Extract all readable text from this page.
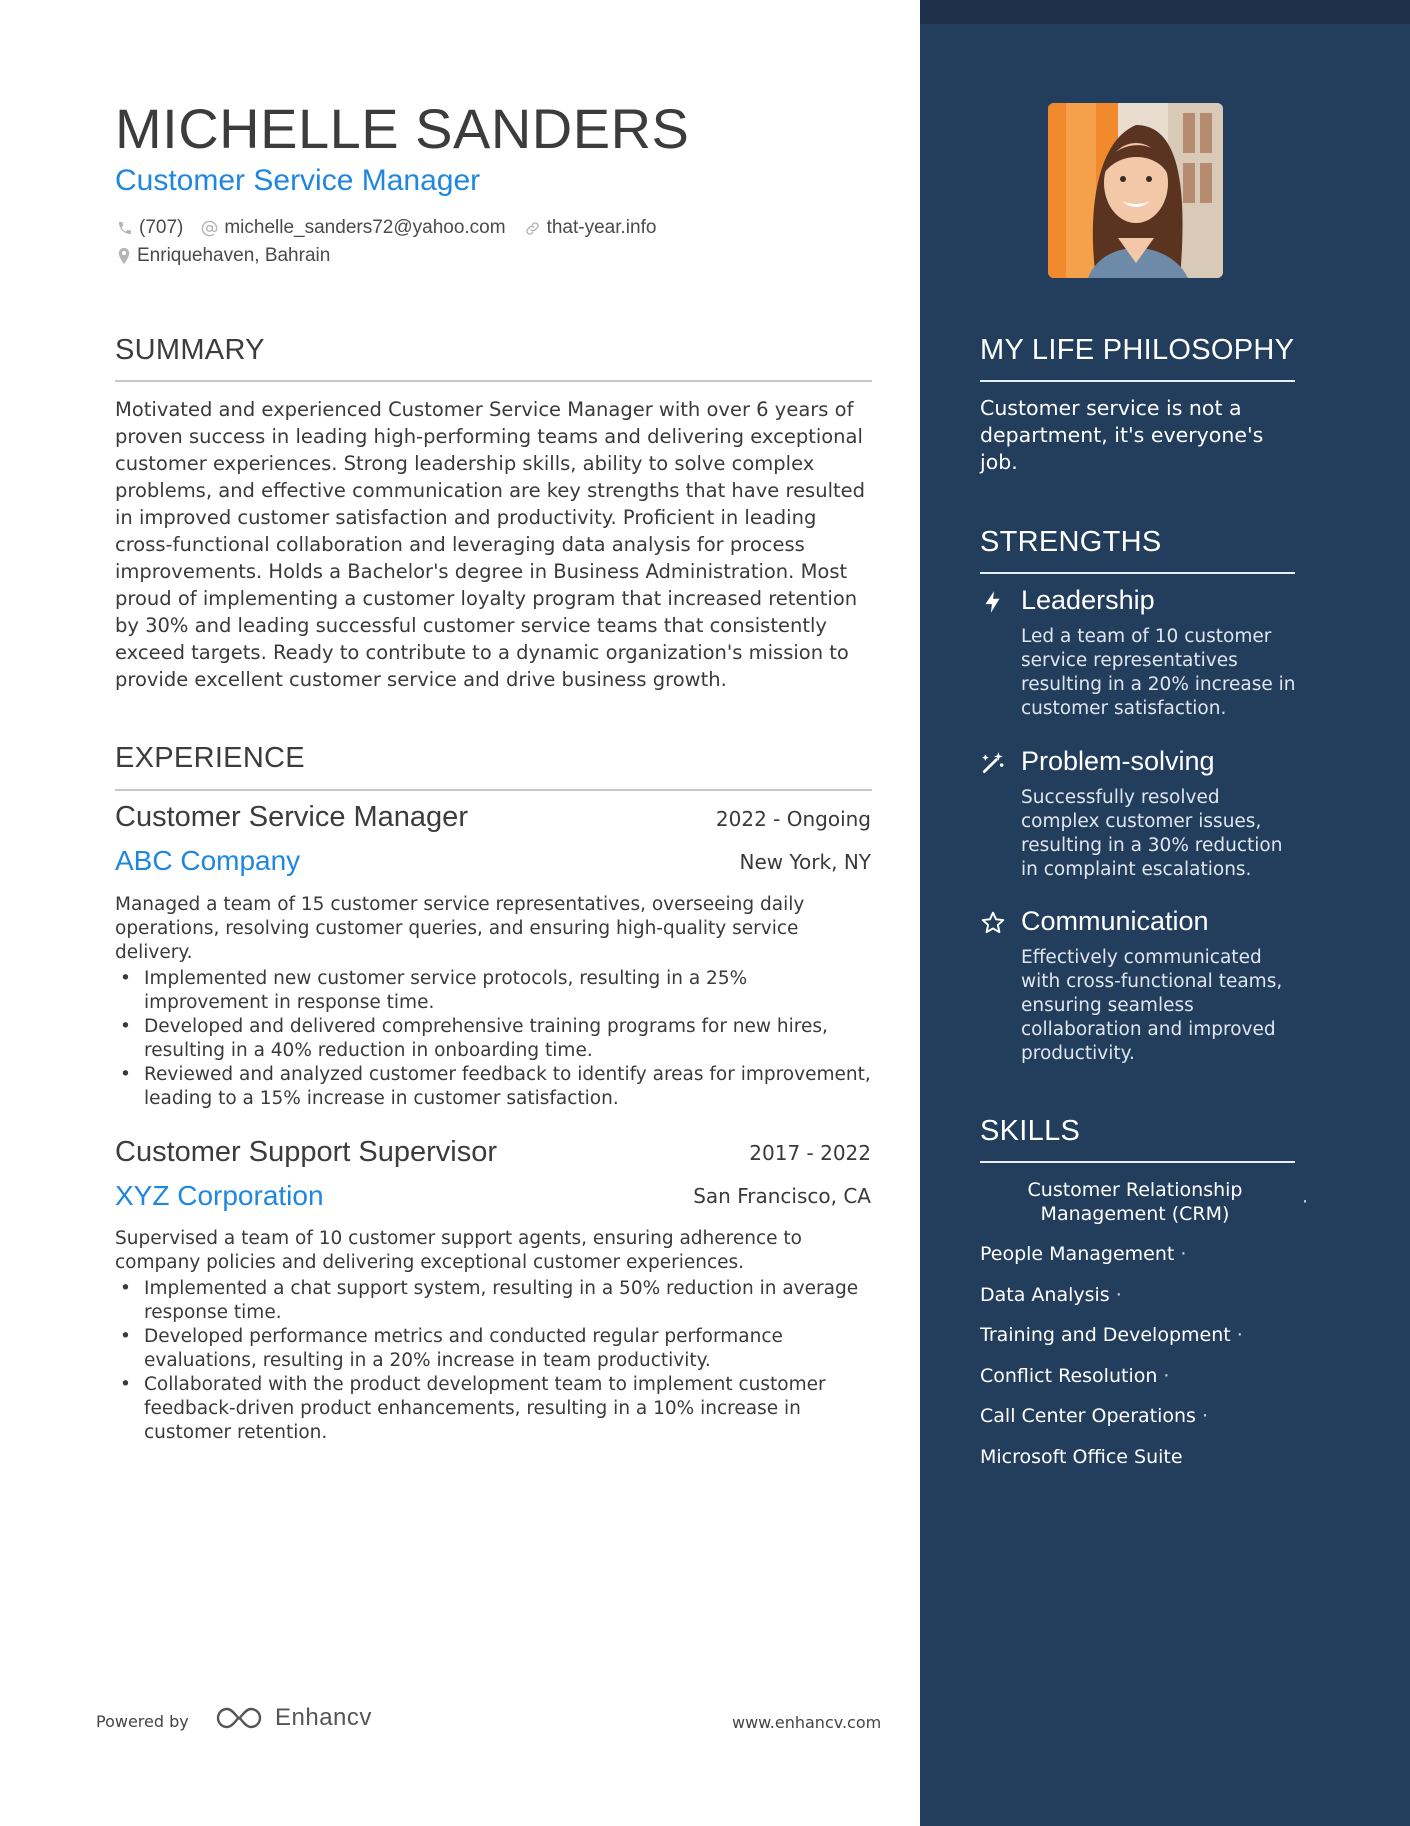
MICHELLE SANDERS
Customer Service Manager
(707) michelle_sanders72@yahoo.com that-year.info
Enriquehaven, Bahrain
SUMMARY
Motivated and experienced Customer Service Manager with over 6 years of proven success in leading high-performing teams and delivering exceptional customer experiences. Strong leadership skills, ability to solve complex problems, and effective communication are key strengths that have resulted in improved customer satisfaction and productivity. Proficient in leading cross-functional collaboration and leveraging data analysis for process improvements. Holds a Bachelor's degree in Business Administration. Most proud of implementing a customer loyalty program that increased retention by 30% and leading successful customer service teams that consistently exceed targets. Ready to contribute to a dynamic organization's mission to provide excellent customer service and drive business growth.
EXPERIENCE
Customer Service Manager	2022 - Ongoing
ABC Company	New York, NY
Managed a team of 15 customer service representatives, overseeing daily operations, resolving customer queries, and ensuring high-quality service delivery.
• Implemented new customer service protocols, resulting in a 25% improvement in response time.
• Developed and delivered comprehensive training programs for new hires, resulting in a 40% reduction in onboarding time.
• Reviewed and analyzed customer feedback to identify areas for improvement, leading to a 15% increase in customer satisfaction.
Customer Support Supervisor	2017 - 2022
XYZ Corporation	San Francisco, CA
Supervised a team of 10 customer support agents, ensuring adherence to company policies and delivering exceptional customer experiences.
• Implemented a chat support system, resulting in a 50% reduction in average response time.
• Developed performance metrics and conducted regular performance evaluations, resulting in a 20% increase in team productivity.
• Collaborated with the product development team to implement customer feedback-driven product enhancements, resulting in a 10% increase in customer retention.
Powered by	Enhancv	www.enhancv.com
MY LIFE PHILOSOPHY
Customer service is not a department, it's everyone's job.
STRENGTHS
Leadership
Led a team of 10 customer service representatives resulting in a 20% increase in customer satisfaction.
Problem-solving
Successfully resolved complex customer issues, resulting in a 30% reduction in complaint escalations.
Communication
Effectively communicated with cross-functional teams, ensuring seamless collaboration and improved productivity.
SKILLS
Customer Relationship Management (CRM)
·
People Management ·
Data Analysis ·
Training and Development ·
Conflict Resolution ·
Call Center Operations ·
Microsoft Office Suite
